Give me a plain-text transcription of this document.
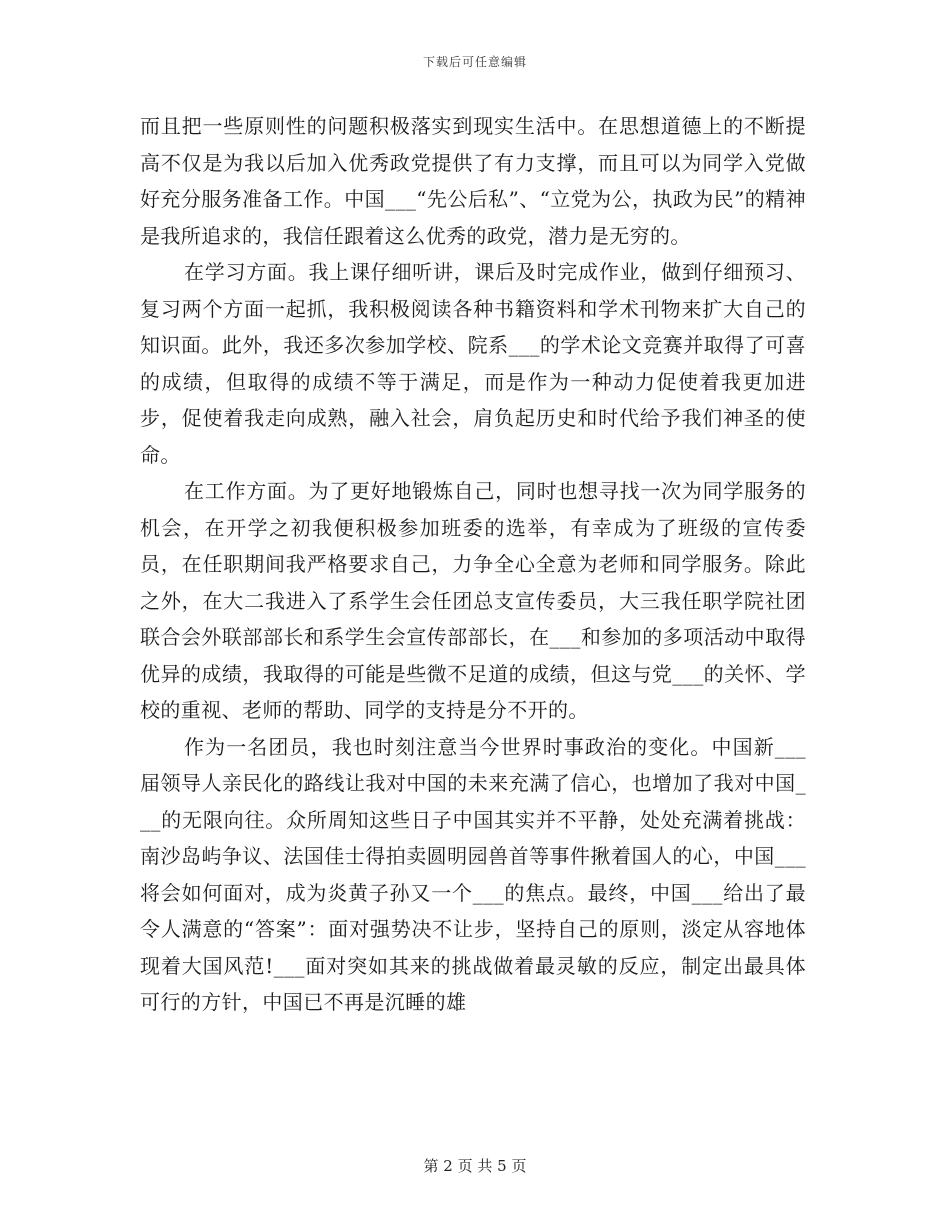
下载后可任意编辑

而且把一些原则性的问题积极落实到现实生活中。在思想道德上的不断提高不仅是为我以后加入优秀政党提供了有力支撑，而且可以为同学入党做好充分服务准备工作。中国___“先公后私”、“立党为公，执政为民”的精神是我所追求的，我信任跟着这么优秀的政党，潜力是无穷的。

在学习方面。我上课仔细听讲，课后及时完成作业，做到仔细预习、复习两个方面一起抓，我积极阅读各种书籍资料和学术刊物来扩大自己的知识面。此外，我还多次参加学校、院系___的学术论文竞赛并取得了可喜的成绩，但取得的成绩不等于满足，而是作为一种动力促使着我更加进步，促使着我走向成熟，融入社会，肩负起历史和时代给予我们神圣的使命。

在工作方面。为了更好地锻炼自己，同时也想寻找一次为同学服务的机会，在开学之初我便积极参加班委的选举，有幸成为了班级的宣传委员，在任职期间我严格要求自己，力争全心全意为老师和同学服务。除此之外，在大二我进入了系学生会任团总支宣传委员，大三我任职学院社团联合会外联部部长和系学生会宣传部部长，在___和参加的多项活动中取得优异的成绩，我取得的可能是些微不足道的成绩，但这与党___的关怀、学校的重视、老师的帮助、同学的支持是分不开的。

作为一名团员，我也时刻注意当今世界时事政治的变化。中国新___届领导人亲民化的路线让我对中国的未来充满了信心，也增加了我对中国___的无限向往。众所周知这些日子中国其实并不平静，处处充满着挑战：南沙岛屿争议、法国佳士得拍卖圆明园兽首等事件揪着国人的心，中国___将会如何面对，成为炎黄子孙又一个___的焦点。最终，中国___给出了最令人满意的“答案”：面对强势决不让步，坚持自己的原则，淡定从容地体现着大国风范!___面对突如其来的挑战做着最灵敏的反应，制定出最具体可行的方针，中国已不再是沉睡的雄

第 2 页 共 5 页
